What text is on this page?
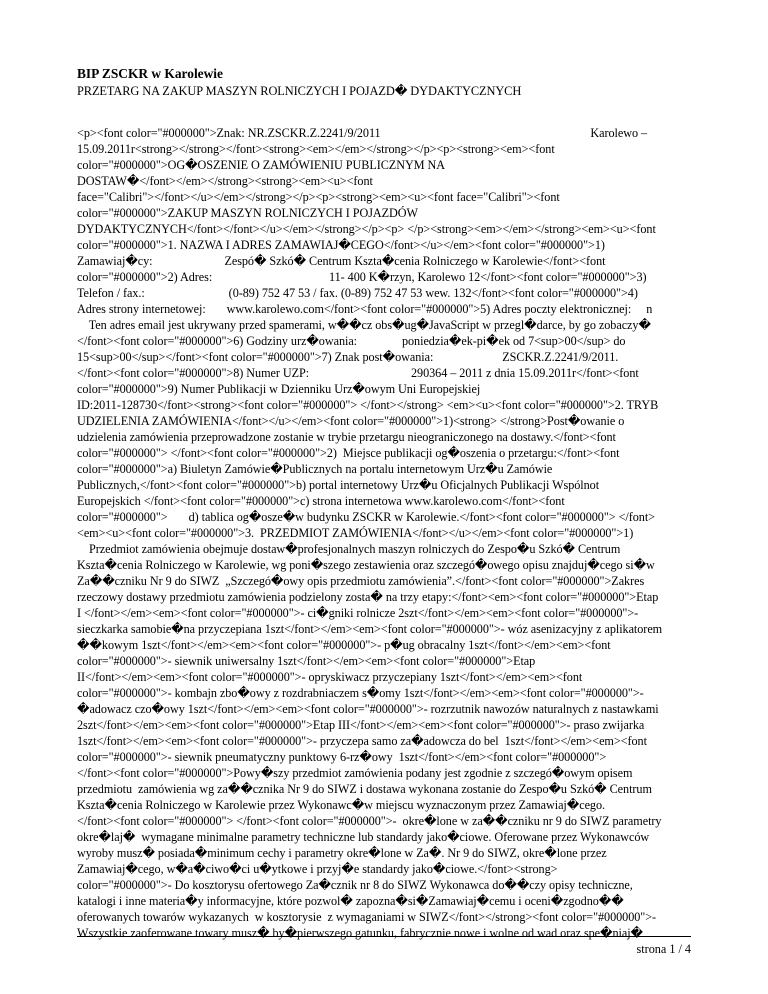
BIP ZSCKR w Karolewie

PRZETARG NA ZAKUP MASZYN ROLNICZYCH I POJAZD� DYDAKTYCZNYCH

<p><font color="#000000">Znak: NR.ZSCKR.Z.2241/9/2011                                                                      Karolewo –
15.09.2011r<strong></strong></font><strong><em></em></strong></p><p><strong><em><font
color="#000000">OG�OSZENIE O ZAMÓWIENIU PUBLICZNYM NA
DOSTAW�</font></em></strong><strong><em><u><font
face="Calibri"></font></u></em></strong></p><p><strong><em><u><font face="Calibri"><font
color="#000000">ZAKUP MASZYN ROLNICZYCH I POJAZDÓW
DYDAKTYCZNYCH</font></font></u></em></strong></p><p> </p><strong><em></em></strong><em><u><font
color="#000000">1. NAZWA I ADRES ZAMAWIAJ�CEGO</font></u></em><font color="#000000">1)
Zamawiaj�cy:                        Zespó� Szkó� Centrum Kszta�cenia Rolniczego w Karolewie</font><font
color="#000000">2) Adres:                                       11- 400 K�rzyn, Karolewo 12</font><font color="#000000">3)
Telefon / fax.:                            (0-89) 752 47 53 / fax. (0-89) 752 47 53 wew. 132</font><font color="#000000">4)
Adres strony internetowej:       www.karolewo.com</font><font color="#000000">5) Adres poczty elektronicznej:     n
Ten adres email jest ukrywany przed spamerami, w��cz obs�ug�JavaScript w przegl�darce, by go zobaczy�
</font><font color="#000000">6) Godziny urz�owania:               poniedzia�ek-pi�ek od 7<sup>00</sup> do
15<sup>00</sup></font><font color="#000000">7) Znak post�owania:                       ZSCKR.Z.2241/9/2011.
</font><font color="#000000">8) Numer UZP:                                  290364 – 2011 z dnia 15.09.2011r</font><font
color="#000000">9) Numer Publikacji w Dzienniku Urz�owym Uni Europejskiej
ID:2011-128730</font><strong><font color="#000000"> </font></strong> <em><u><font color="#000000">2. TRYB
UDZIELENIA ZAMÓWIENIA</font></u></em><font color="#000000">1)<strong> </strong>Post�owanie o
udzielenia zamówienia przeprowadzone zostanie w trybie przetargu nieograniczonego na dostawy.</font><font
color="#000000"> </font><font color="#000000">2)  Miejsce publikacji og�oszenia o przetargu:</font><font
color="#000000">a) Biuletyn Zamówie�Publicznych na portalu internetowym Urz�u Zamówie
Publicznych,</font><font color="#000000">b) portal internetowy Urz�u Oficjalnych Publikacji Wspólnot
Europejskich </font><font color="#000000">c) strona internetowa www.karolewo.com</font><font
color="#000000">       d) tablica og�osze�w budynku ZSCKR w Karolewie.</font><font color="#000000"> </font>
<em><u><font color="#000000">3.  PRZEDMIOT ZAMÓWIENIA</font></u></em><font color="#000000">1)
Przedmiot zamówienia obejmuje dostaw�profesjonalnych maszyn rolniczych do Zespo�u Szkó� Centrum
Kszta�cenia Rolniczego w Karolewie, wg poni�szego zestawienia oraz szczegó�owego opisu znajduj�cego si�w
Za��czniku Nr 9 do SIWZ  „Szczegó�owy opis przedmiotu zamówienia”.</font><font color="#000000">Zakres
rzeczowy dostawy przedmiotu zamówienia podzielony zosta� na trzy etapy:</font><em><font color="#000000">Etap
I </font></em><em><font color="#000000">- ci�gniki rolnicze 2szt</font></em><em><font color="#000000">-
sieczkarka samobie�na przyczepiana 1szt</font></em><em><font color="#000000">- wóz asenizacyjny z aplikatorem
��kowym 1szt</font></em><em><font color="#000000">- p�ug obracalny 1szt</font></em><em><font
color="#000000">- siewnik uniwersalny 1szt</font></em><em><font color="#000000">Etap
II</font></em><em><font color="#000000">- opryskiwacz przyczepiany 1szt</font></em><em><font
color="#000000">- kombajn zbo�owy z rozdrabniaczem s�omy 1szt</font></em><em><font color="#000000">-
�adowacz czo�owy 1szt</font></em><em><font color="#000000">- rozrzutnik nawozów naturalnych z nastawkami
2szt</font></em><em><font color="#000000">Etap III</font></em><em><font color="#000000">- praso zwijarka
1szt</font></em><em><font color="#000000">- przyczepa samo za�adowcza do bel  1szt</font></em><em><font
color="#000000">- siewnik pneumatyczny punktowy 6-rz�owy  1szt</font></em><font color="#000000">
</font><font color="#000000">Powy�szy przedmiot zamówienia podany jest zgodnie z szczegó�owym opisem
przedmiotu  zamówienia wg za��cznika Nr 9 do SIWZ i dostawa wykonana zostanie do Zespo�u Szkó� Centrum
Kszta�cenia Rolniczego w Karolewie przez Wykonawc�w miejscu wyznaczonym przez Zamawiaj�cego.
</font><font color="#000000"> </font><font color="#000000">-  okre�lone w za��czniku nr 9 do SIWZ parametry
okre�laj�  wymagane minimalne parametry techniczne lub standardy jako�ciowe. Oferowane przez Wykonawców
wyroby musz� posiada�minimum cechy i parametry okre�lone w Za�. Nr 9 do SIWZ, okre�lone przez
Zamawiaj�cego, w�a�ciwo�ci u�ytkowe i przyj�e standardy jako�ciowe.</font><strong>
color="#000000">- Do kosztorysu ofertowego Za�cznik nr 8 do SIWZ Wykonawca do��czy opisy techniczne,
katalogi i inne materia�y informacyjne, które pozwol� zapozna�si�Zamawiaj�cemu i oceni�zgodno��
oferowanych towarów wykazanych  w kosztorysie  z wymaganiami w SIWZ</font></strong><font color="#000000">-
Wszystkie zaoferowane towary musz� by�pierwszego gatunku, fabrycznie nowe i wolne od wad oraz spe�niaj�
strona 1 / 4
